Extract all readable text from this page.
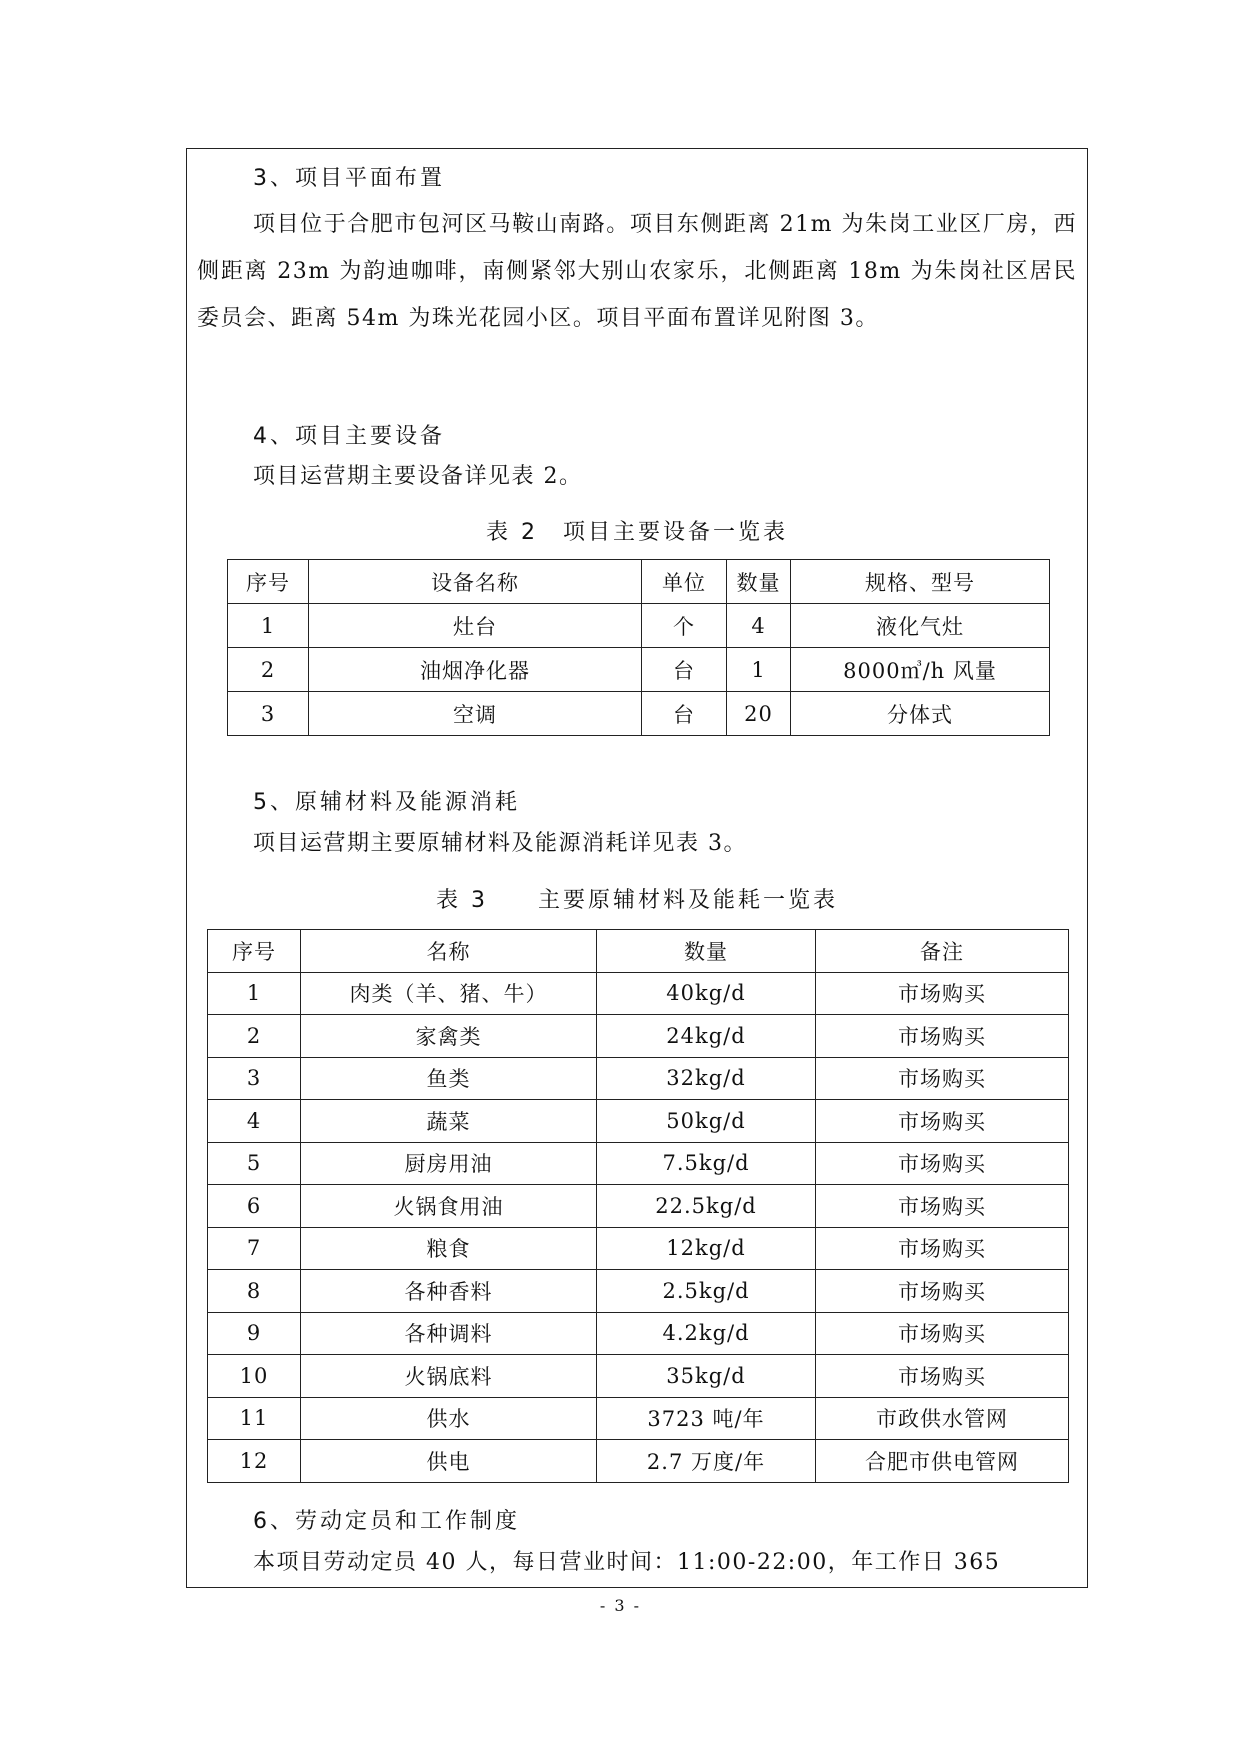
3、项目平面布置
项目位于合肥市包河区马鞍山南路。项目东侧距离 21m 为朱岗工业区厂房，西侧距离 23m 为韵迪咖啡，南侧紧邻大别山农家乐，北侧距离 18m 为朱岗社区居民委员会、距离 54m 为珠光花园小区。项目平面布置详见附图 3。
4、项目主要设备
项目运营期主要设备详见表 2。
表 2　项目主要设备一览表
序号	设备名称	单位	数量	规格、型号
1	灶台	个	4	液化气灶
2	油烟净化器	台	1	8000㎥/h 风量
3	空调	台	20	分体式
5、原辅材料及能源消耗
项目运营期主要原辅材料及能源消耗详见表 3。
表 3　　主要原辅材料及能耗一览表
序号	名称	数量	备注
1	肉类（羊、猪、牛）	40kg/d	市场购买
2	家禽类	24kg/d	市场购买
3	鱼类	32kg/d	市场购买
4	蔬菜	50kg/d	市场购买
5	厨房用油	7.5kg/d	市场购买
6	火锅食用油	22.5kg/d	市场购买
7	粮食	12kg/d	市场购买
8	各种香料	2.5kg/d	市场购买
9	各种调料	4.2kg/d	市场购买
10	火锅底料	35kg/d	市场购买
11	供水	3723 吨/年	市政供水管网
12	供电	2.7 万度/年	合肥市供电管网
6、劳动定员和工作制度
本项目劳动定员 40 人，每日营业时间：11:00-22:00，年工作日 365
- 3 -
